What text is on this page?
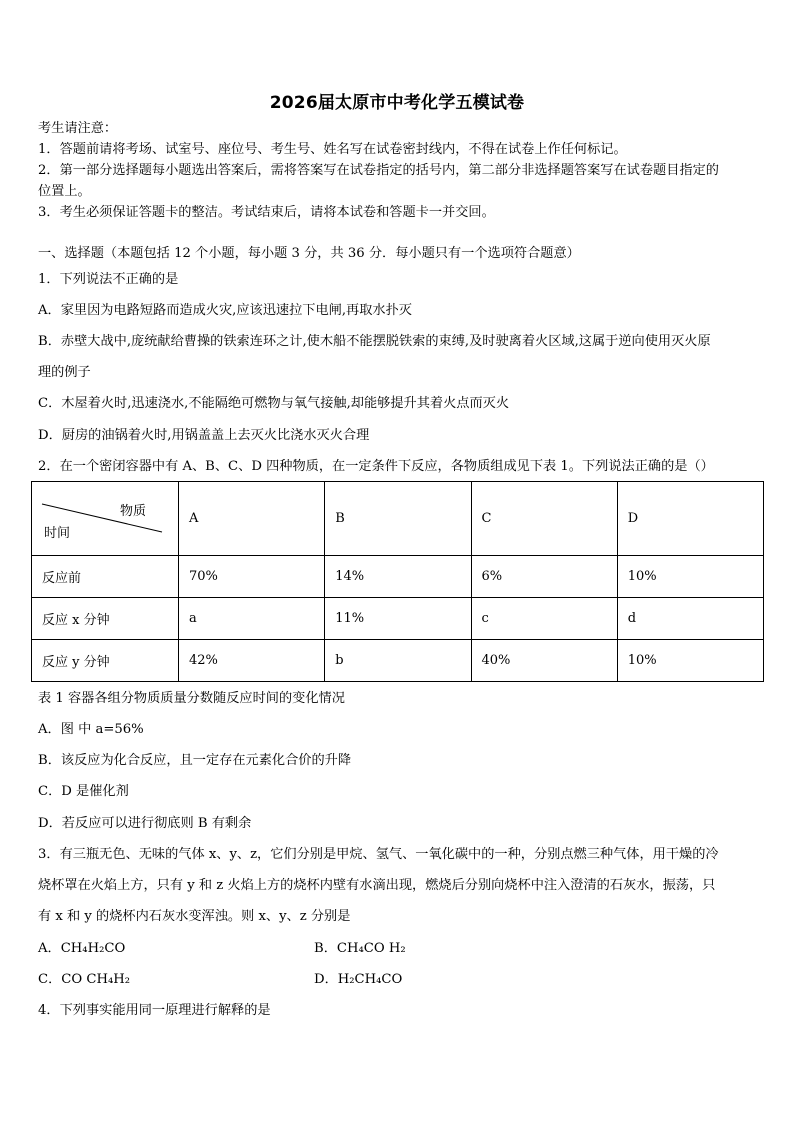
2026届太原市中考化学五模试卷
考生请注意：
1．答题前请将考场、试室号、座位号、考生号、姓名写在试卷密封线内，不得在试卷上作任何标记。
2．第一部分选择题每小题选出答案后，需将答案写在试卷指定的括号内，第二部分非选择题答案写在试卷题目指定的
位置上。
3．考生必须保证答题卡的整洁。考试结束后，请将本试卷和答题卡一并交回。
一、选择题（本题包括 12 个小题，每小题 3 分，共 36 分．每小题只有一个选项符合题意）
1．下列说法不正确的是
A．家里因为电路短路而造成火灾,应该迅速拉下电闸,再取水扑灭
B．赤壁大战中,庞统献给曹操的铁索连环之计,使木船不能摆脱铁索的束缚,及时驶离着火区域,这属于逆向使用灭火原
理的例子
C．木屋着火时,迅速浇水,不能隔绝可燃物与氧气接触,却能够提升其着火点而灭火
D．厨房的油锅着火时,用锅盖盖上去灭火比浇水灭火合理
2．在一个密闭容器中有 A、B、C、D 四种物质，在一定条件下反应，各物质组成见下表 1。下列说法正确的是（）
物质
时间	A	B	C	D
反应前	70%	14%	6%	10%
反应 x 分钟	a	11%	c	d
反应 y 分钟	42%	b	40%	10%
表 1 容器各组分物质质量分数随反应时间的变化情况
A．图 中 a=56%
B．该反应为化合反应，且一定存在元素化合价的升降
C．D 是催化剂
D．若反应可以进行彻底则 B 有剩余
3．有三瓶无色、无味的气体 x、y、z，它们分别是甲烷、氢气、一氧化碳中的一种，分别点燃三种气体，用干燥的冷
烧杯罩在火焰上方，只有 y 和 z 火焰上方的烧杯内壁有水滴出现，燃烧后分别向烧杯中注入澄清的石灰水，振荡，只
有 x 和 y 的烧杯内石灰水变浑浊。则 x、y、z 分别是
A．CH₄H₂CO	B．CH₄CO H₂
C．CO CH₄H₂	D．H₂CH₄CO
4．下列事实能用同一原理进行解释的是
